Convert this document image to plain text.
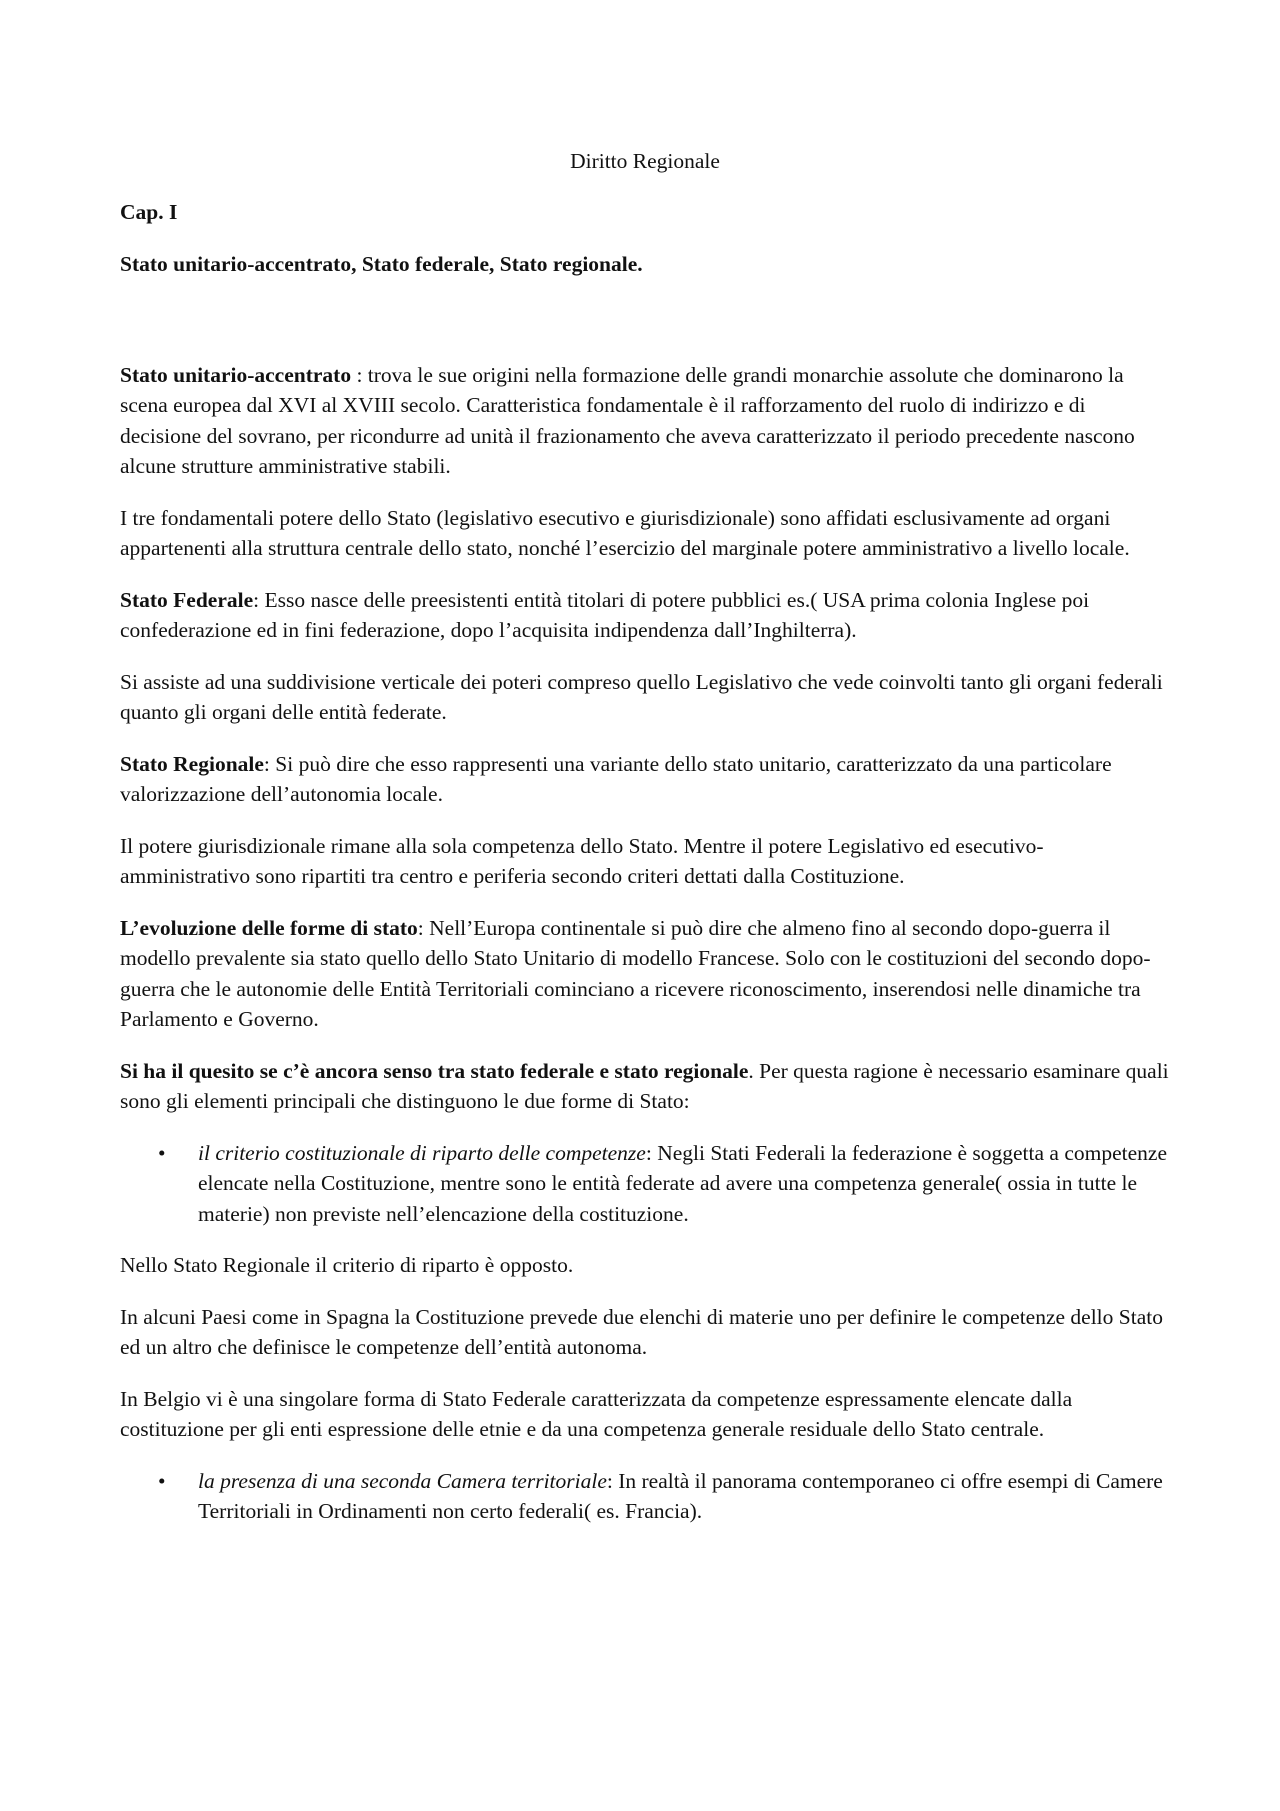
Diritto Regionale
Cap. I
Stato unitario-accentrato, Stato federale, Stato regionale.

Stato unitario-accentrato : trova le sue origini nella formazione delle grandi monarchie assolute che dominarono la scena europea dal XVI al XVIII secolo. Caratteristica fondamentale è il rafforzamento del ruolo di indirizzo e di decisione del sovrano, per ricondurre ad unità il frazionamento che aveva caratterizzato il periodo precedente nascono alcune strutture amministrative stabili.

I tre fondamentali potere dello Stato (legislativo esecutivo e giurisdizionale) sono affidati esclusivamente ad organi appartenenti alla struttura centrale dello stato, nonché l’esercizio del marginale potere amministrativo a livello locale.

Stato Federale: Esso nasce delle preesistenti entità titolari di potere pubblici es.( USA prima colonia Inglese poi confederazione ed in fini federazione, dopo l’acquisita indipendenza dall’Inghilterra).

Si assiste ad una suddivisione verticale dei poteri compreso quello Legislativo che vede coinvolti tanto gli organi federali quanto gli organi delle entità federate.

Stato Regionale: Si può dire che esso rappresenti una variante dello stato unitario, caratterizzato da una particolare valorizzazione dell’autonomia locale.

Il potere giurisdizionale rimane alla sola competenza dello Stato. Mentre il potere Legislativo ed esecutivo-amministrativo sono ripartiti tra centro e periferia secondo criteri dettati dalla Costituzione.

L’evoluzione delle forme di stato: Nell’Europa continentale si può dire che almeno fino al secondo dopo-guerra il modello prevalente sia stato quello dello Stato Unitario di modello Francese. Solo con le costituzioni del secondo dopo-guerra che le autonomie delle Entità Territoriali cominciano a ricevere riconoscimento, inserendosi nelle dinamiche tra Parlamento e Governo.

Si ha il quesito se c’è ancora senso tra stato federale e stato regionale. Per questa ragione è necessario esaminare quali sono gli elementi principali che distinguono le due forme di Stato:

• il criterio costituzionale di riparto delle competenze: Negli Stati Federali la federazione è soggetta a competenze elencate nella Costituzione, mentre sono le entità federate ad avere una competenza generale( ossia in tutte le materie) non previste nell’elencazione della costituzione.

Nello Stato Regionale il criterio di riparto è opposto.

In alcuni Paesi come in Spagna la Costituzione prevede due elenchi di materie uno per definire le competenze dello Stato ed un altro che definisce le competenze dell’entità autonoma.

In Belgio vi è una singolare forma di Stato Federale caratterizzata da competenze espressamente elencate dalla costituzione per gli enti espressione delle etnie e da una competenza generale residuale dello Stato centrale.

• la presenza di una seconda Camera territoriale: In realtà il panorama contemporaneo ci offre esempi di Camere Territoriali in Ordinamenti non certo federali( es. Francia).
